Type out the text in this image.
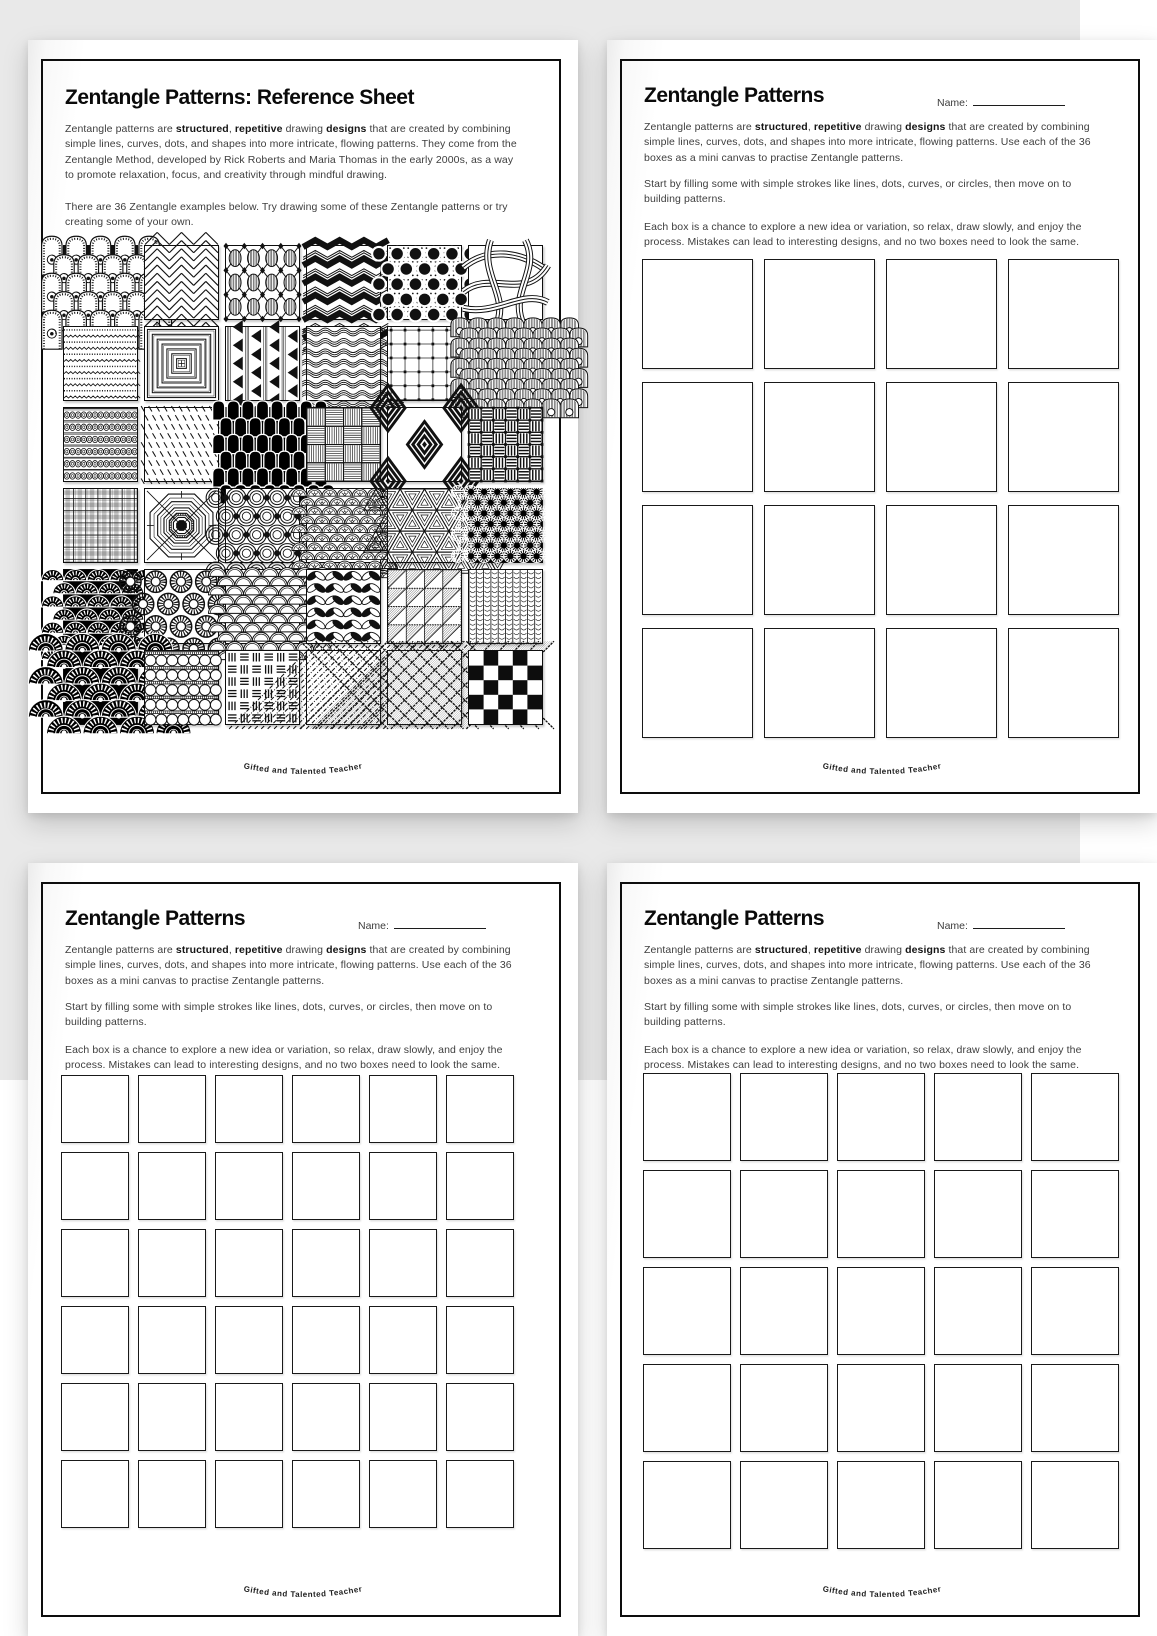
Zentangle Patterns: Reference Sheet

Zentangle patterns are structured, repetitive drawing designs that are created by combining simple lines, curves, dots, and shapes into more intricate, flowing patterns. They come from the Zentangle Method, developed by Rick Roberts and Maria Thomas in the early 2000s, as a way to promote relaxation, focus, and creativity through mindful drawing.

There are 36 Zentangle examples below. Try drawing some of these Zentangle patterns or try creating some of your own.

Gifted and Talented Teacher
Zentangle Patterns	Name:

Zentangle patterns are structured, repetitive drawing designs that are created by combining simple lines, curves, dots, and shapes into more intricate, flowing patterns. Use each of the 36 boxes as a mini canvas to practise Zentangle patterns.

Start by filling some with simple strokes like lines, dots, curves, or circles, then move on to building patterns.

Each box is a chance to explore a new idea or variation, so relax, draw slowly, and enjoy the process. Mistakes can lead to interesting designs, and no two boxes need to look the same.

Gifted and Talented Teacher
Zentangle Patterns	Name:

Zentangle patterns are structured, repetitive drawing designs that are created by combining simple lines, curves, dots, and shapes into more intricate, flowing patterns. Use each of the 36 boxes as a mini canvas to practise Zentangle patterns.

Start by filling some with simple strokes like lines, dots, curves, or circles, then move on to building patterns.

Each box is a chance to explore a new idea or variation, so relax, draw slowly, and enjoy the process. Mistakes can lead to interesting designs, and no two boxes need to look the same.

Gifted and Talented Teacher
Zentangle Patterns	Name:

Zentangle patterns are structured, repetitive drawing designs that are created by combining simple lines, curves, dots, and shapes into more intricate, flowing patterns. Use each of the 36 boxes as a mini canvas to practise Zentangle patterns.

Start by filling some with simple strokes like lines, dots, curves, or circles, then move on to building patterns.

Each box is a chance to explore a new idea or variation, so relax, draw slowly, and enjoy the process. Mistakes can lead to interesting designs, and no two boxes need to look the same.

Gifted and Talented Teacher
